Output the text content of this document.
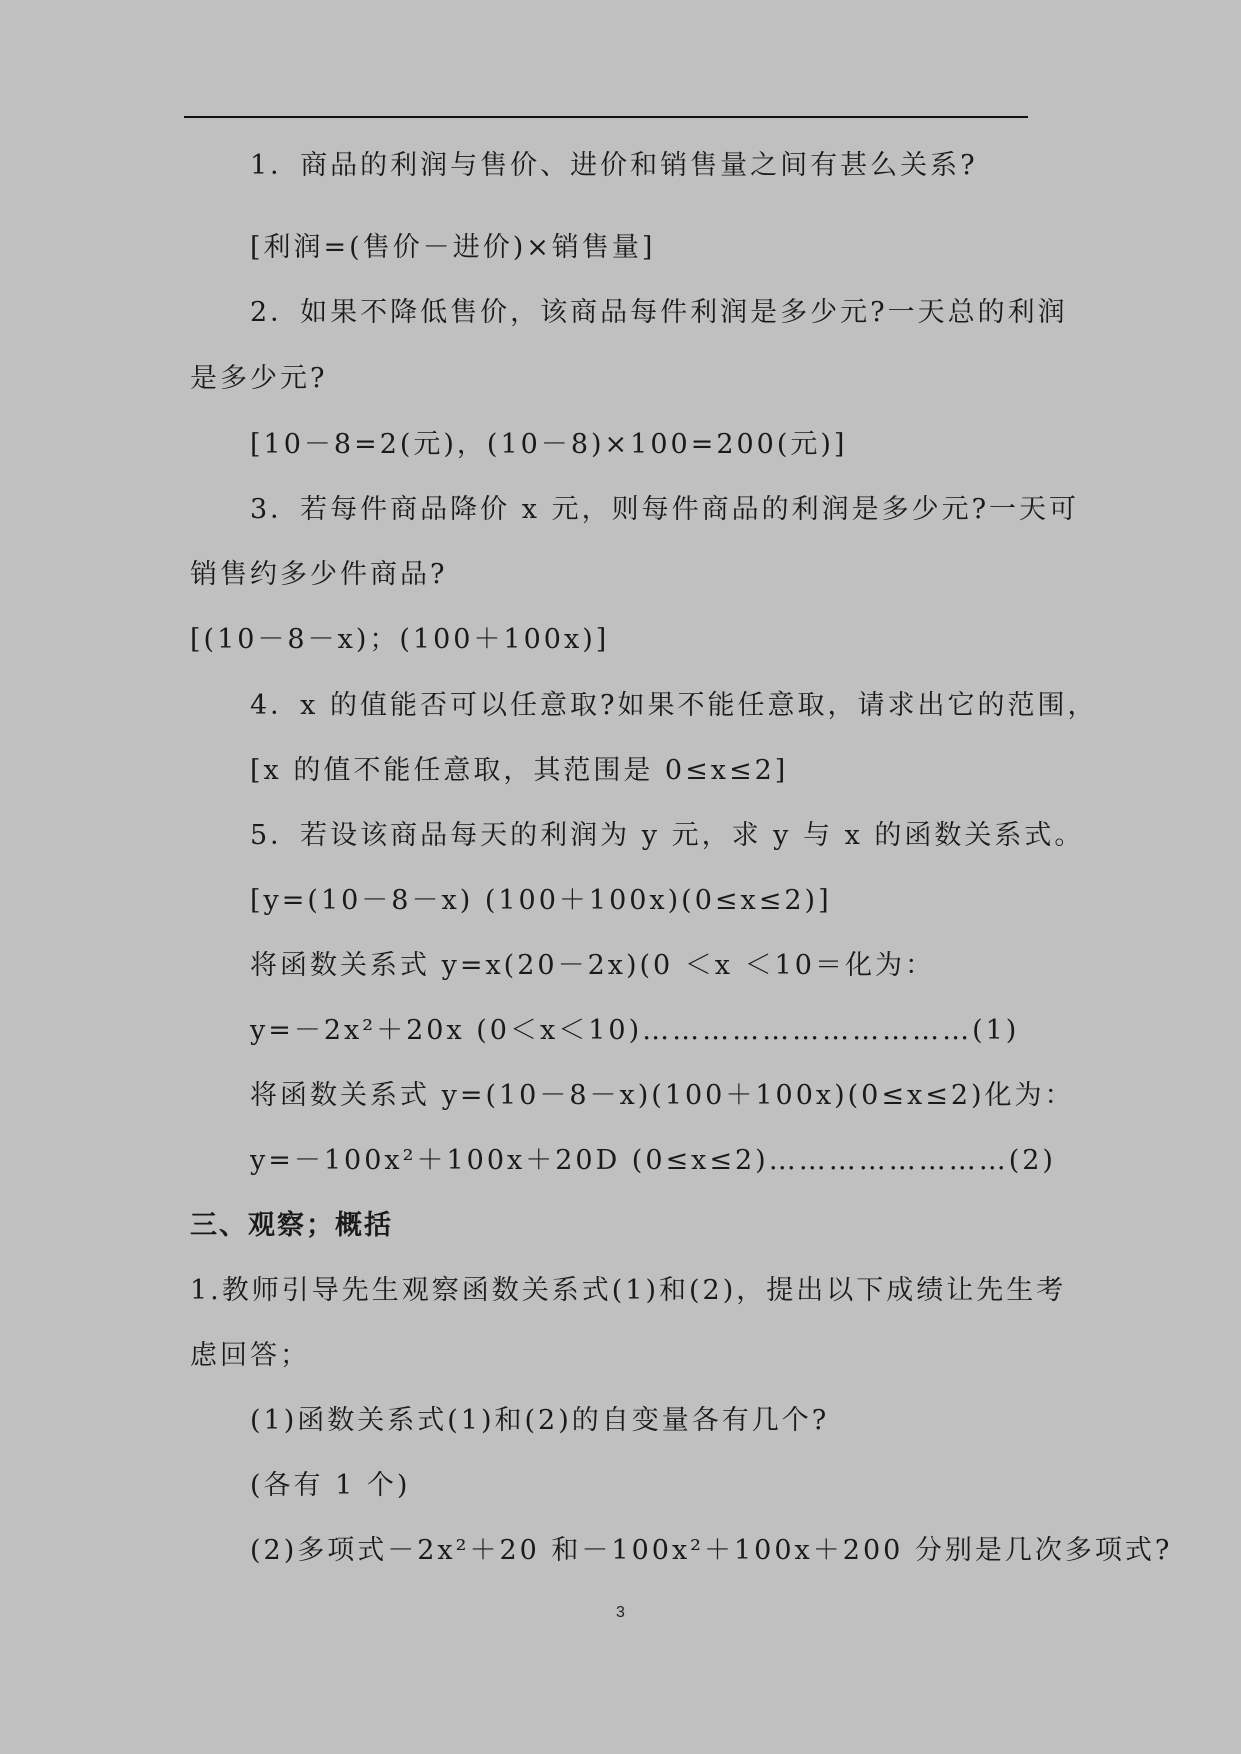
1．商品的利润与售价、进价和销售量之间有甚么关系?
[利润=(售价－进价)×销售量]
2．如果不降低售价，该商品每件利润是多少元?一天总的利润
是多少元?
[10－8=2(元)，(10－8)×100=200(元)]
3．若每件商品降价 x 元，则每件商品的利润是多少元?一天可
销售约多少件商品?
[(10－8－x)；(100＋100x)]
4．x 的值能否可以任意取?如果不能任意取，请求出它的范围，
[x 的值不能任意取，其范围是 0≤x≤2]
5．若设该商品每天的利润为 y 元，求 y 与 x 的函数关系式。
[y=(10－8－x) (100＋100x)(0≤x≤2)]
将函数关系式 y=x(20－2x)(0 ＜x ＜10＝化为：
y=－2x²＋20x (0＜x＜10)……………………………(1)
将函数关系式 y=(10－8－x)(100＋100x)(0≤x≤2)化为：
y=－100x²＋100x＋20D (0≤x≤2)……………………(2)
三、观察；概括
1.教师引导先生观察函数关系式(1)和(2)，提出以下成绩让先生考
虑回答；
(1)函数关系式(1)和(2)的自变量各有几个?
(各有 1 个)
(2)多项式－2x²＋20 和－100x²＋100x＋200 分别是几次多项式?
3
